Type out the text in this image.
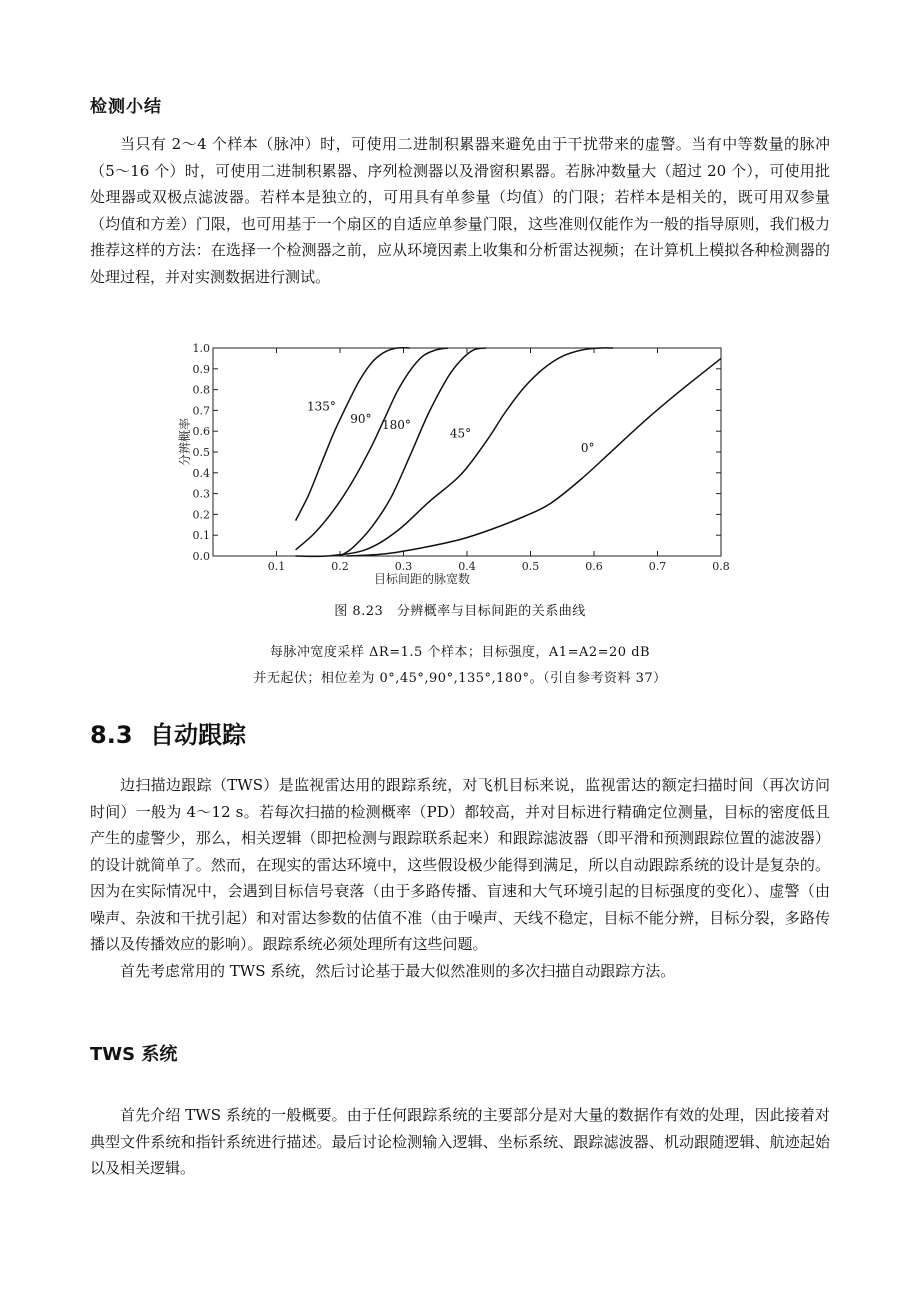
检测小结

当只有 2～4 个样本（脉冲）时，可使用二进制积累器来避免由于干扰带来的虚警。当有中等数量的脉冲（5～16 个）时，可使用二进制积累器、序列检测器以及滑窗积累器。若脉冲数量大（超过 20 个），可使用批处理器或双极点滤波器。若样本是独立的，可用具有单参量（均值）的门限；若样本是相关的，既可用双参量（均值和方差）门限，也可用基于一个扇区的自适应单参量门限，这些准则仅能作为一般的指导原则，我们极力推荐这样的方法：在选择一个检测器之前，应从环境因素上收集和分析雷达视频；在计算机上模拟各种检测器的处理过程，并对实测数据进行测试。

0.0
0.1
0.2
0.3
0.4
0.5
0.6
0.7
0.8
0.9
1.0
0.1	0.2	0.3	0.4	0.5	0.6	0.7	0.8
目标间距的脉宽数
分辨概率
135°
90° 180°
45°
0°
图 8.23　分辨概率与目标间距的关系曲线
每脉冲宽度采样 ΔR=1.5 个样本；目标强度，A1=A2=20 dB
并无起伏；相位差为 0°,45°,90°,135°,180°。（引自参考资料 37）
8.3 自动跟踪

边扫描边跟踪（TWS）是监视雷达用的跟踪系统，对飞机目标来说，监视雷达的额定扫描时间（再次访问时间）一般为 4～12 s。若每次扫描的检测概率（PD）都较高，并对目标进行精确定位测量，目标的密度低且产生的虚警少，那么，相关逻辑（即把检测与跟踪联系起来）和跟踪滤波器（即平滑和预测跟踪位置的滤波器）的设计就简单了。然而，在现实的雷达环境中，这些假设极少能得到满足，所以自动跟踪系统的设计是复杂的。因为在实际情况中，会遇到目标信号衰落（由于多路传播、盲速和大气环境引起的目标强度的变化）、虚警（由噪声、杂波和干扰引起）和对雷达参数的估值不准（由于噪声、天线不稳定，目标不能分辨，目标分裂，多路传播以及传播效应的影响）。跟踪系统必须处理所有这些问题。

首先考虑常用的 TWS 系统，然后讨论基于最大似然准则的多次扫描自动跟踪方法。

TWS 系统

首先介绍 TWS 系统的一般概要。由于任何跟踪系统的主要部分是对大量的数据作有效的处理，因此接着对典型文件系统和指针系统进行描述。最后讨论检测输入逻辑、坐标系统、跟踪滤波器、机动跟随逻辑、航迹起始以及相关逻辑。
